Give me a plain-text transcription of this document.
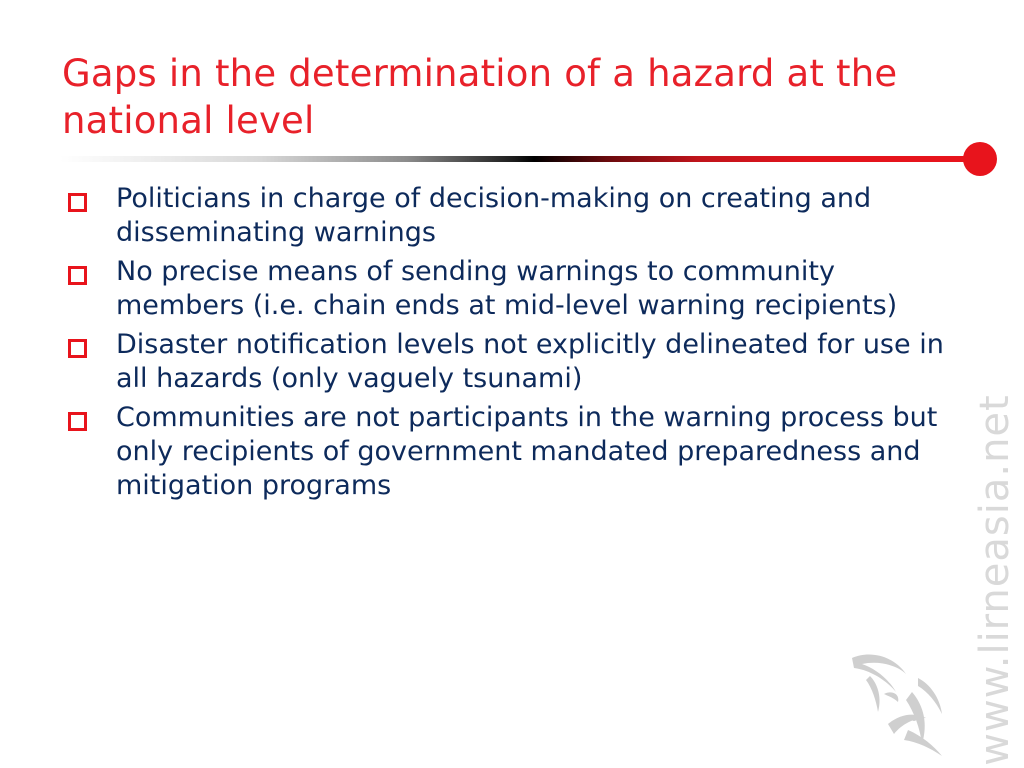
Gaps in the determination of a hazard at the national level
Politicians in charge of decision-making on creating and disseminating warnings
No precise means of sending warnings to community members (i.e. chain ends at mid-level warning recipients)
Disaster notification levels not explicitly delineated for use in all hazards (only vaguely tsunami)
Communities are not participants in the warning process but only recipients of government mandated preparedness and mitigation programs	www.lirneasia.net
